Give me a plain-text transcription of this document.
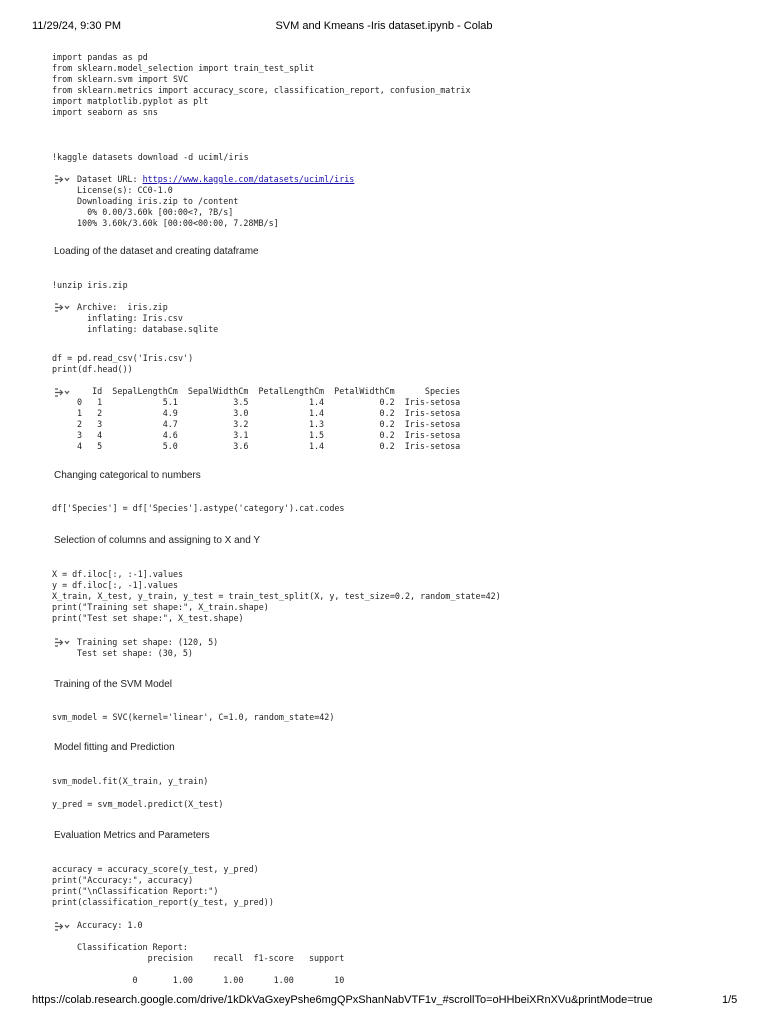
11/29/24, 9:30 PM	SVM and Kmeans -Iris dataset.ipynb - Colab
import pandas as pd
from sklearn.model_selection import train_test_split
from sklearn.svm import SVC
from sklearn.metrics import accuracy_score, classification_report, confusion_matrix
import matplotlib.pyplot as plt
import seaborn as sns
!kaggle datasets download -d uciml/iris
Dataset URL: https://www.kaggle.com/datasets/uciml/iris
License(s): CC0-1.0
Downloading iris.zip to /content
0% 0.00/3.60k [00:00<?, ?B/s]
100% 3.60k/3.60k [00:00<00:00, 7.28MB/s]
Loading of the dataset and creating dataframe
!unzip iris.zip
Archive:  iris.zip
inflating: Iris.csv
inflating: database.sqlite
df = pd.read_csv('Iris.csv')
print(df.head())
Id  SepalLengthCm  SepalWidthCm  PetalLengthCm  PetalWidthCm      Species
0   1            5.1           3.5            1.4           0.2  Iris-setosa
1   2            4.9           3.0            1.4           0.2  Iris-setosa
2   3            4.7           3.2            1.3           0.2  Iris-setosa
3   4            4.6           3.1            1.5           0.2  Iris-setosa
4   5            5.0           3.6            1.4           0.2  Iris-setosa
Changing categorical to numbers
df['Species'] = df['Species'].astype('category').cat.codes
Selection of columns and assigning to X and Y
X = df.iloc[:, :-1].values
y = df.iloc[:, -1].values
X_train, X_test, y_train, y_test = train_test_split(X, y, test_size=0.2, random_state=42)
print("Training set shape:", X_train.shape)
print("Test set shape:", X_test.shape)
Training set shape: (120, 5)
Test set shape: (30, 5)
Training of the SVM Model
svm_model = SVC(kernel='linear', C=1.0, random_state=42)
Model fitting and Prediction
svm_model.fit(X_train, y_train)
y_pred = svm_model.predict(X_test)
Evaluation Metrics and Parameters
accuracy = accuracy_score(y_test, y_pred)
print("Accuracy:", accuracy)
print("\nClassification Report:")
print(classification_report(y_test, y_pred))
Accuracy: 1.0

Classification Report:
precision    recall  f1-score   support

0       1.00      1.00      1.00        10
https://colab.research.google.com/drive/1kDkVaGxeyPshe6mgQPxShanNabVTF1v_#scrollTo=oHHbeiXRnXVu&printMode=true	1/5
